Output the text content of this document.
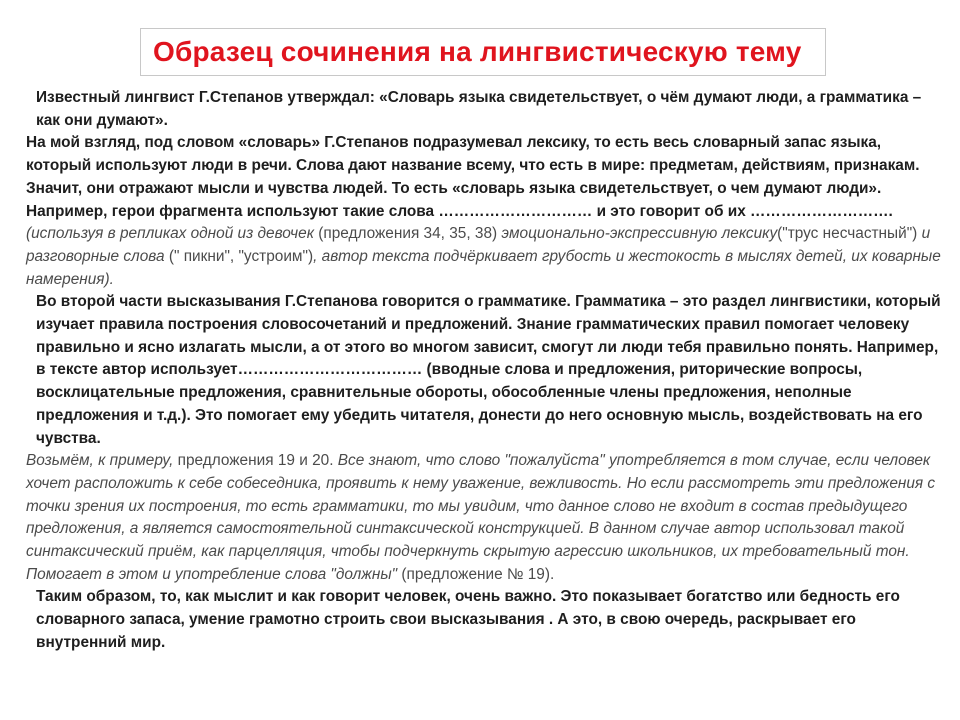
Образец сочинения на лингвистическую тему

Известный лингвист Г.Степанов утверждал: «Словарь языка свидетельствует, о чём думают люди, а грамматика – как они думают».

На мой взгляд, под словом «словарь» Г.Степанов подразумевал лексику, то есть весь словарный запас языка, который используют люди в речи. Слова дают название всему, что есть в мире: предметам, действиям, признакам. Значит, они отражают мысли и чувства людей. То есть «словарь языка свидетельствует, о чем думают люди». Например, герои фрагмента используют такие слова ………………………… и это говорит об их ……………………….

(используя в репликах одной из девочек (предложения 34, 35, 38) эмоционально-экспрессивную лексику("трус несчастный") и разговорные слова (" пикни", "устроим"), автор текста подчёркивает грубость и жестокость в мыслях детей, их коварные намерения).

Во второй части высказывания Г.Степанова говорится о грамматике. Грамматика – это раздел лингвистики, который изучает правила построения словосочетаний и предложений. Знание грамматических правил помогает человеку правильно и ясно излагать мысли, а от этого во многом зависит, смогут ли люди тебя правильно понять. Например, в тексте автор использует……………………………… (вводные слова и предложения, риторические вопросы, восклицательные предложения, сравнительные обороты, обособленные члены предложения, неполные предложения и т.д.). Это помогает ему убедить читателя, донести до него основную мысль, воздействовать на его чувства.

Возьмём, к примеру, предложения 19 и 20. Все знают, что слово "пожалуйста" употребляется в том случае, если человек хочет расположить к себе собеседника, проявить к нему уважение, вежливость. Но если рассмотреть эти предложения с точки зрения их построения, то есть грамматики, то мы увидим, что данное слово не входит в состав предыдущего предложения, а является самостоятельной синтаксической конструкцией. В данном случае автор использовал такой синтаксический приём, как парцелляция, чтобы подчеркнуть скрытую агрессию школьников, их требовательный тон. Помогает в этом и употребление слова "должны" (предложение № 19).

Таким образом, то, как мыслит и как говорит человек, очень важно. Это показывает богатство или бедность его словарного запаса, умение грамотно строить свои высказывания . А это, в свою очередь, раскрывает его внутренний мир.
